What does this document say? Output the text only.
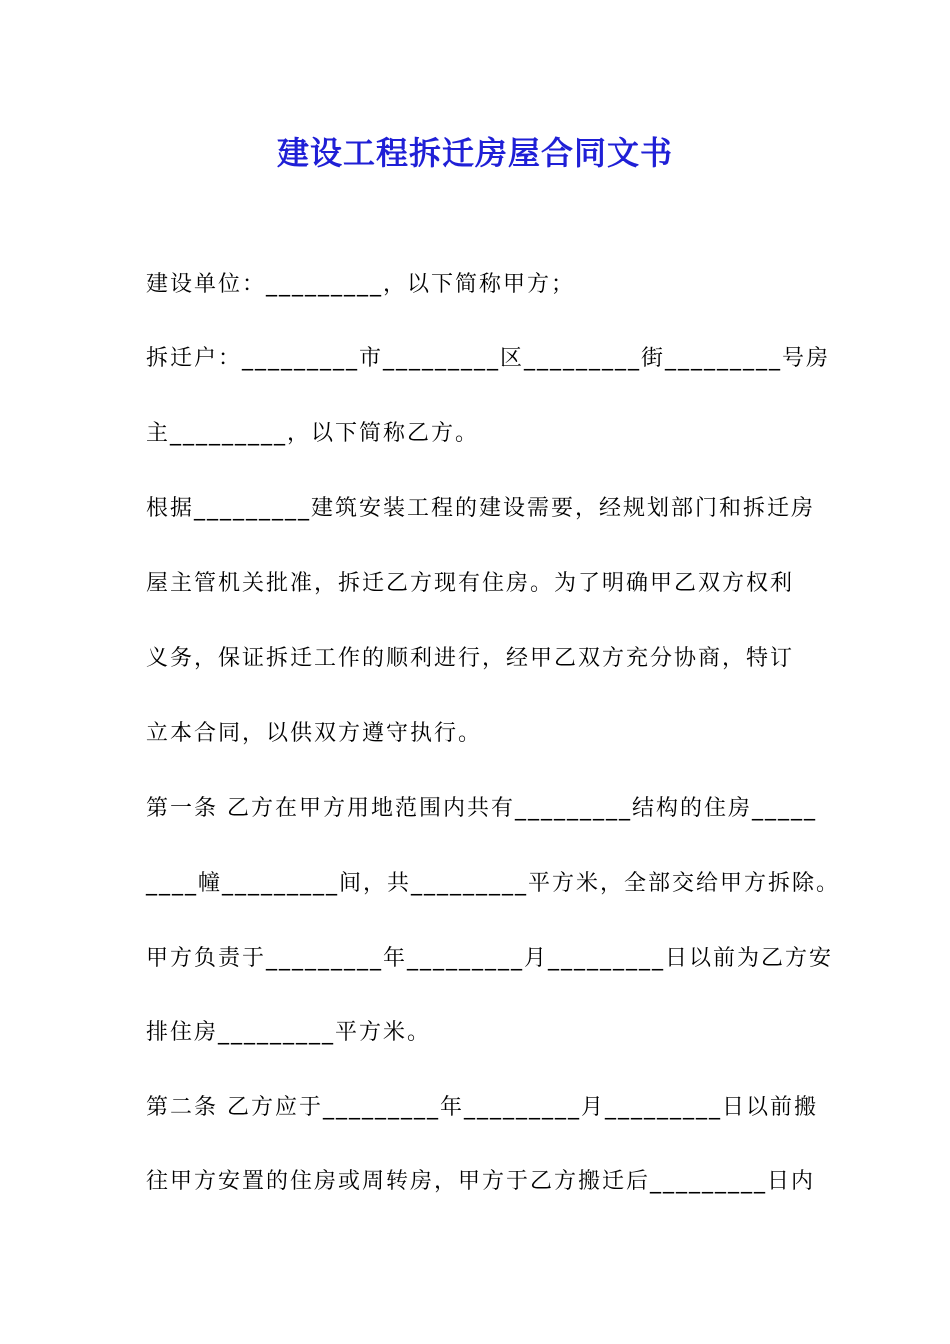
建设工程拆迁房屋合同文书
建设单位：_________，以下简称甲方；
拆迁户：_________市_________区_________街_________号房
主_________，以下简称乙方。
根据_________建筑安装工程的建设需要，经规划部门和拆迁房
屋主管机关批准，拆迁乙方现有住房。为了明确甲乙双方权利
义务，保证拆迁工作的顺利进行，经甲乙双方充分协商，特订
立本合同，以供双方遵守执行。
第一条 乙方在甲方用地范围内共有_________结构的住房_____
____幢_________间，共_________平方米，全部交给甲方拆除。
甲方负责于_________年_________月_________日以前为乙方安
排住房_________平方米。
第二条 乙方应于_________年_________月_________日以前搬
往甲方安置的住房或周转房，甲方于乙方搬迁后_________日内
